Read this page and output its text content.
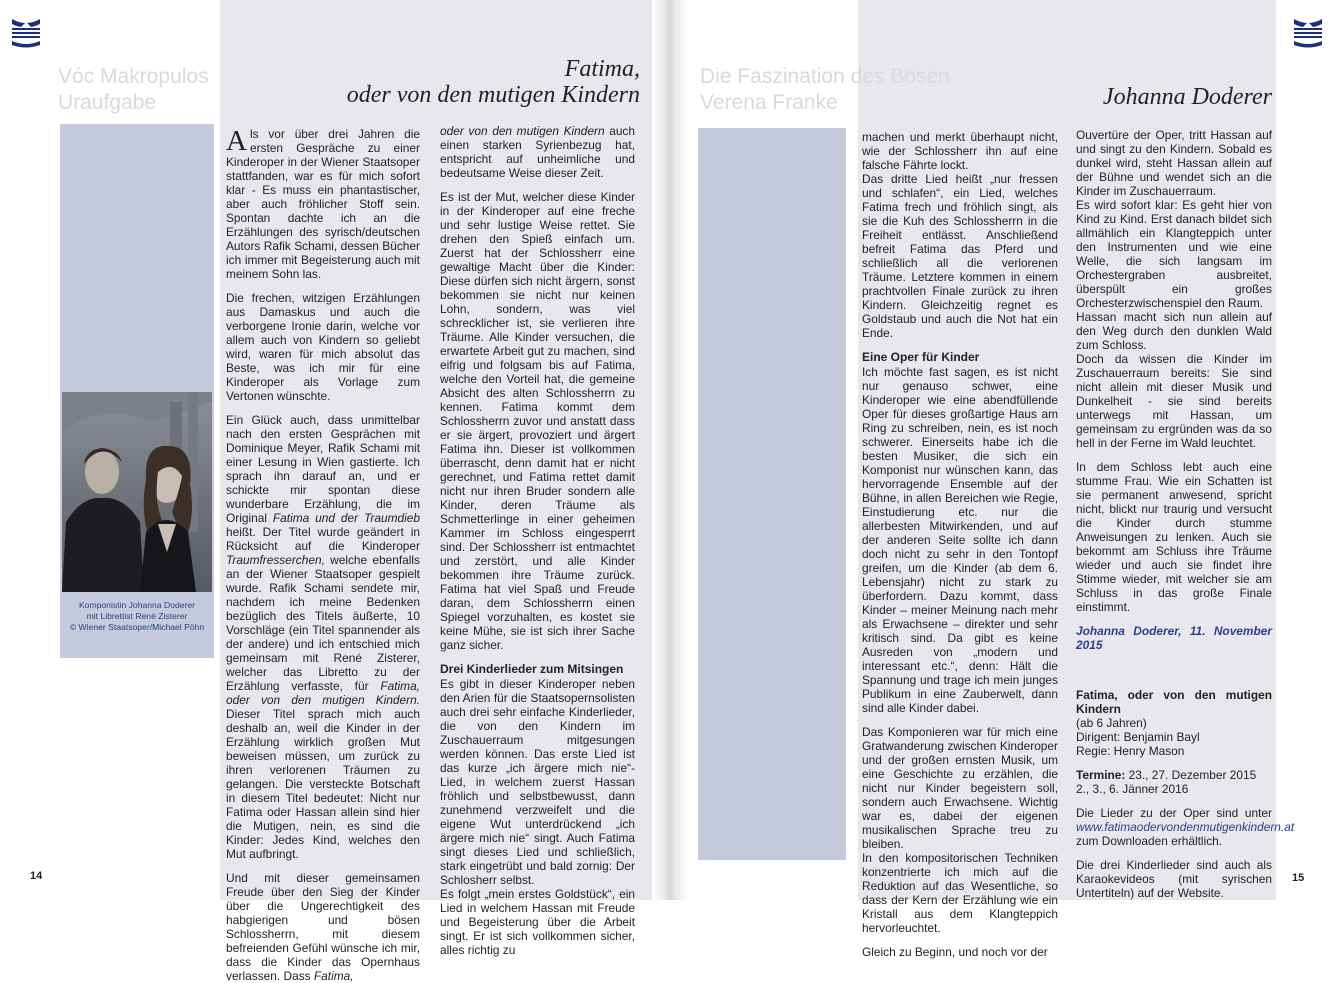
Vóc Makropulos
Uraufgabe
Fatima,
oder von den mutigen Kindern
Komponistin Johanna Doderer
mit Librettist René Zisterer
© Wiener Staatsoper/Michael Pöhn

Als vor über drei Jahren die ersten Gespräche zu einer Kinderoper in der Wiener Staatsoper stattfanden, war es für mich sofort klar - Es muss ein phantastischer, aber auch fröhlicher Stoff sein. Spontan dachte ich an die Erzählungen des syrisch/deutschen Autors Rafik Schami, dessen Bücher ich immer mit Begeisterung auch mit meinem Sohn las.

Die frechen, witzigen Erzählungen aus Damaskus und auch die verborgene Ironie darin, welche vor allem auch von Kindern so geliebt wird, waren für mich absolut das Beste, was ich mir für eine Kinderoper als Vorlage zum Vertonen wünschte.

Ein Glück auch, dass unmittelbar nach den ersten Gesprächen mit Dominique Meyer, Rafik Schami mit einer Lesung in Wien gastierte. Ich sprach ihn darauf an, und er schickte mir spontan diese wunderbare Erzählung, die im Original Fatima und der Traumdieb heißt. Der Titel wurde geändert in Rücksicht auf die Kinderoper Traumfresserchen, welche ebenfalls an der Wiener Staatsoper gespielt wurde. Rafik Schami sendete mir, nachdem ich meine Bedenken bezüglich des Titels äußerte, 10 Vorschläge (ein Titel spannender als der andere) und ich entschied mich gemeinsam mit René Zisterer, welcher das Libretto zu der Erzählung verfasste, für Fatima, oder von den mutigen Kindern. Dieser Titel sprach mich auch deshalb an, weil die Kinder in der Erzählung wirklich großen Mut beweisen müssen, um zurück zu ihren verlorenen Träumen zu gelangen. Die versteckte Botschaft in diesem Titel bedeutet: Nicht nur Fatima oder Hassan allein sind hier die Mutigen, nein, es sind die Kinder: Jedes Kind, welches den Mut aufbringt.

Und mit dieser gemeinsamen Freude über den Sieg der Kinder über die Ungerechtigkeit des habgierigen und bösen Schlossherrn, mit diesem befreienden Gefühl wünsche ich mir, dass die Kinder das Opernhaus verlassen. Dass Fatima,

oder von den mutigen Kindern auch einen starken Syrienbezug hat, entspricht auf unheimliche und bedeutsame Weise dieser Zeit.

Es ist der Mut, welcher diese Kinder in der Kinderoper auf eine freche und sehr lustige Weise rettet. Sie drehen den Spieß einfach um. Zuerst hat der Schlossherr eine gewaltige Macht über die Kinder: Diese dürfen sich nicht ärgern, sonst bekommen sie nicht nur keinen Lohn, sondern, was viel schrecklicher ist, sie verlieren ihre Träume. Alle Kinder versuchen, die erwartete Arbeit gut zu machen, sind eifrig und folgsam bis auf Fatima, welche den Vorteil hat, die gemeine Absicht des alten Schlossherrn zu kennen. Fatima kommt dem Schlossherrn zuvor und anstatt dass er sie ärgert, provoziert und ärgert Fatima ihn. Dieser ist vollkommen überrascht, denn damit hat er nicht gerechnet, und Fatima rettet damit nicht nur ihren Bruder sondern alle Kinder, deren Träume als Schmetterlinge in einer geheimen Kammer im Schloss eingesperrt sind. Der Schlossherr ist entmachtet und zerstört, und alle Kinder bekommen ihre Träume zurück. Fatima hat viel Spaß und Freude daran, dem Schlossherrn einen Spiegel vorzuhalten, es kostet sie keine Mühe, sie ist sich ihrer Sache ganz sicher.

Drei Kinderlieder zum Mitsingen

Es gibt in dieser Kinderoper neben den Arien für die Staatsopernsolisten auch drei sehr einfache Kinderlieder, die von den Kindern im Zuschauerraum mitgesungen werden können. Das erste Lied ist das kurze „ich ärgere mich nie“- Lied, in welchem zuerst Hassan fröhlich und selbstbewusst, dann zunehmend verzweifelt und die eigene Wut unterdrückend „ich ärgere mich nie“ singt. Auch Fatima singt dieses Lied und schließlich, stark eingetrübt und bald zornig: Der Schlosherr selbst.

Es folgt „mein erstes Goldstück“, ein Lied in welchem Hassan mit Freude und Begeisterung über die Arbeit singt. Er ist sich vollkommen sicher, alles richtig zu

14
Die Faszination des Bösen
Verena Franke	Johanna Doderer

machen und merkt überhaupt nicht, wie der Schlossherr ihn auf eine falsche Fährte lockt.

Das dritte Lied heißt „nur fressen und schlafen“, ein Lied, welches Fatima frech und fröhlich singt, als sie die Kuh des Schlossherrn in die Freiheit entlässt. Anschließend befreit Fatima das Pferd und schließlich all die verlorenen Träume. Letztere kommen in einem prachtvollen Finale zurück zu ihren Kindern. Gleichzeitig regnet es Goldstaub und auch die Not hat ein Ende.

Eine Oper für Kinder

Ich möchte fast sagen, es ist nicht nur genauso schwer, eine Kinderoper wie eine abendfüllende Oper für dieses großartige Haus am Ring zu schreiben, nein, es ist noch schwerer. Einerseits habe ich die besten Musiker, die sich ein Komponist nur wünschen kann, das hervorragende Ensemble auf der Bühne, in allen Bereichen wie Regie, Einstudierung etc. nur die allerbesten Mitwirkenden, und auf der anderen Seite sollte ich dann doch nicht zu sehr in den Tontopf greifen, um die Kinder (ab dem 6. Lebensjahr) nicht zu stark zu überfordern. Dazu kommt, dass Kinder – meiner Meinung nach mehr als Erwachsene – direkter und sehr kritisch sind. Da gibt es keine Ausreden von „modern und interessant etc.“, denn: Hält die Spannung und trage ich mein junges Publikum in eine Zauberwelt, dann sind alle Kinder dabei.

Das Komponieren war für mich eine Gratwanderung zwischen Kinderoper und der großen ernsten Musik, um eine Geschichte zu erzählen, die nicht nur Kinder begeistern soll, sondern auch Erwachsene. Wichtig war es, dabei der eigenen musikalischen Sprache treu zu bleiben.

In den kompositorischen Techniken konzentrierte ich mich auf die Reduktion auf das Wesentliche, so dass der Kern der Erzählung wie ein Kristall aus dem Klangteppich hervorleuchtet.

Gleich zu Beginn, und noch vor der

Ouvertüre der Oper, tritt Hassan auf und singt zu den Kindern. Sobald es dunkel wird, steht Hassan allein auf der Bühne und wendet sich an die Kinder im Zuschauerraum.

Es wird sofort klar: Es geht hier von Kind zu Kind. Erst danach bildet sich allmählich ein Klangteppich unter den Instrumenten und wie eine Welle, die sich langsam im Orchestergraben ausbreitet, überspült ein großes Orchesterzwischenspiel den Raum.

Hassan macht sich nun allein auf den Weg durch den dunklen Wald zum Schloss.

Doch da wissen die Kinder im Zuschauerraum bereits: Sie sind nicht allein mit dieser Musik und Dunkelheit - sie sind bereits unterwegs mit Hassan, um gemeinsam zu ergründen was da so hell in der Ferne im Wald leuchtet.

In dem Schloss lebt auch eine stumme Frau. Wie ein Schatten ist sie permanent anwesend, spricht nicht, blickt nur traurig und versucht die Kinder durch stumme Anweisungen zu lenken. Auch sie bekommt am Schluss ihre Träume wieder und auch sie findet ihre Stimme wieder, mit welcher sie am Schluss in das große Finale einstimmt.

Johanna Doderer, 11. November 2015

Fatima, oder von den mutigen Kindern
(ab 6 Jahren)
Dirigent: Benjamin Bayl
Regie: Henry Mason
Termine: 23., 27. Dezember 2015
2., 3., 6. Jänner 2016

Die Lieder zu der Oper sind unter www.fatimaodervondenmutigenkindern.at zum Downloaden erhältlich.

Die drei Kinderlieder sind auch als Karaokevideos (mit syrischen Untertiteln) auf der Website.

15
